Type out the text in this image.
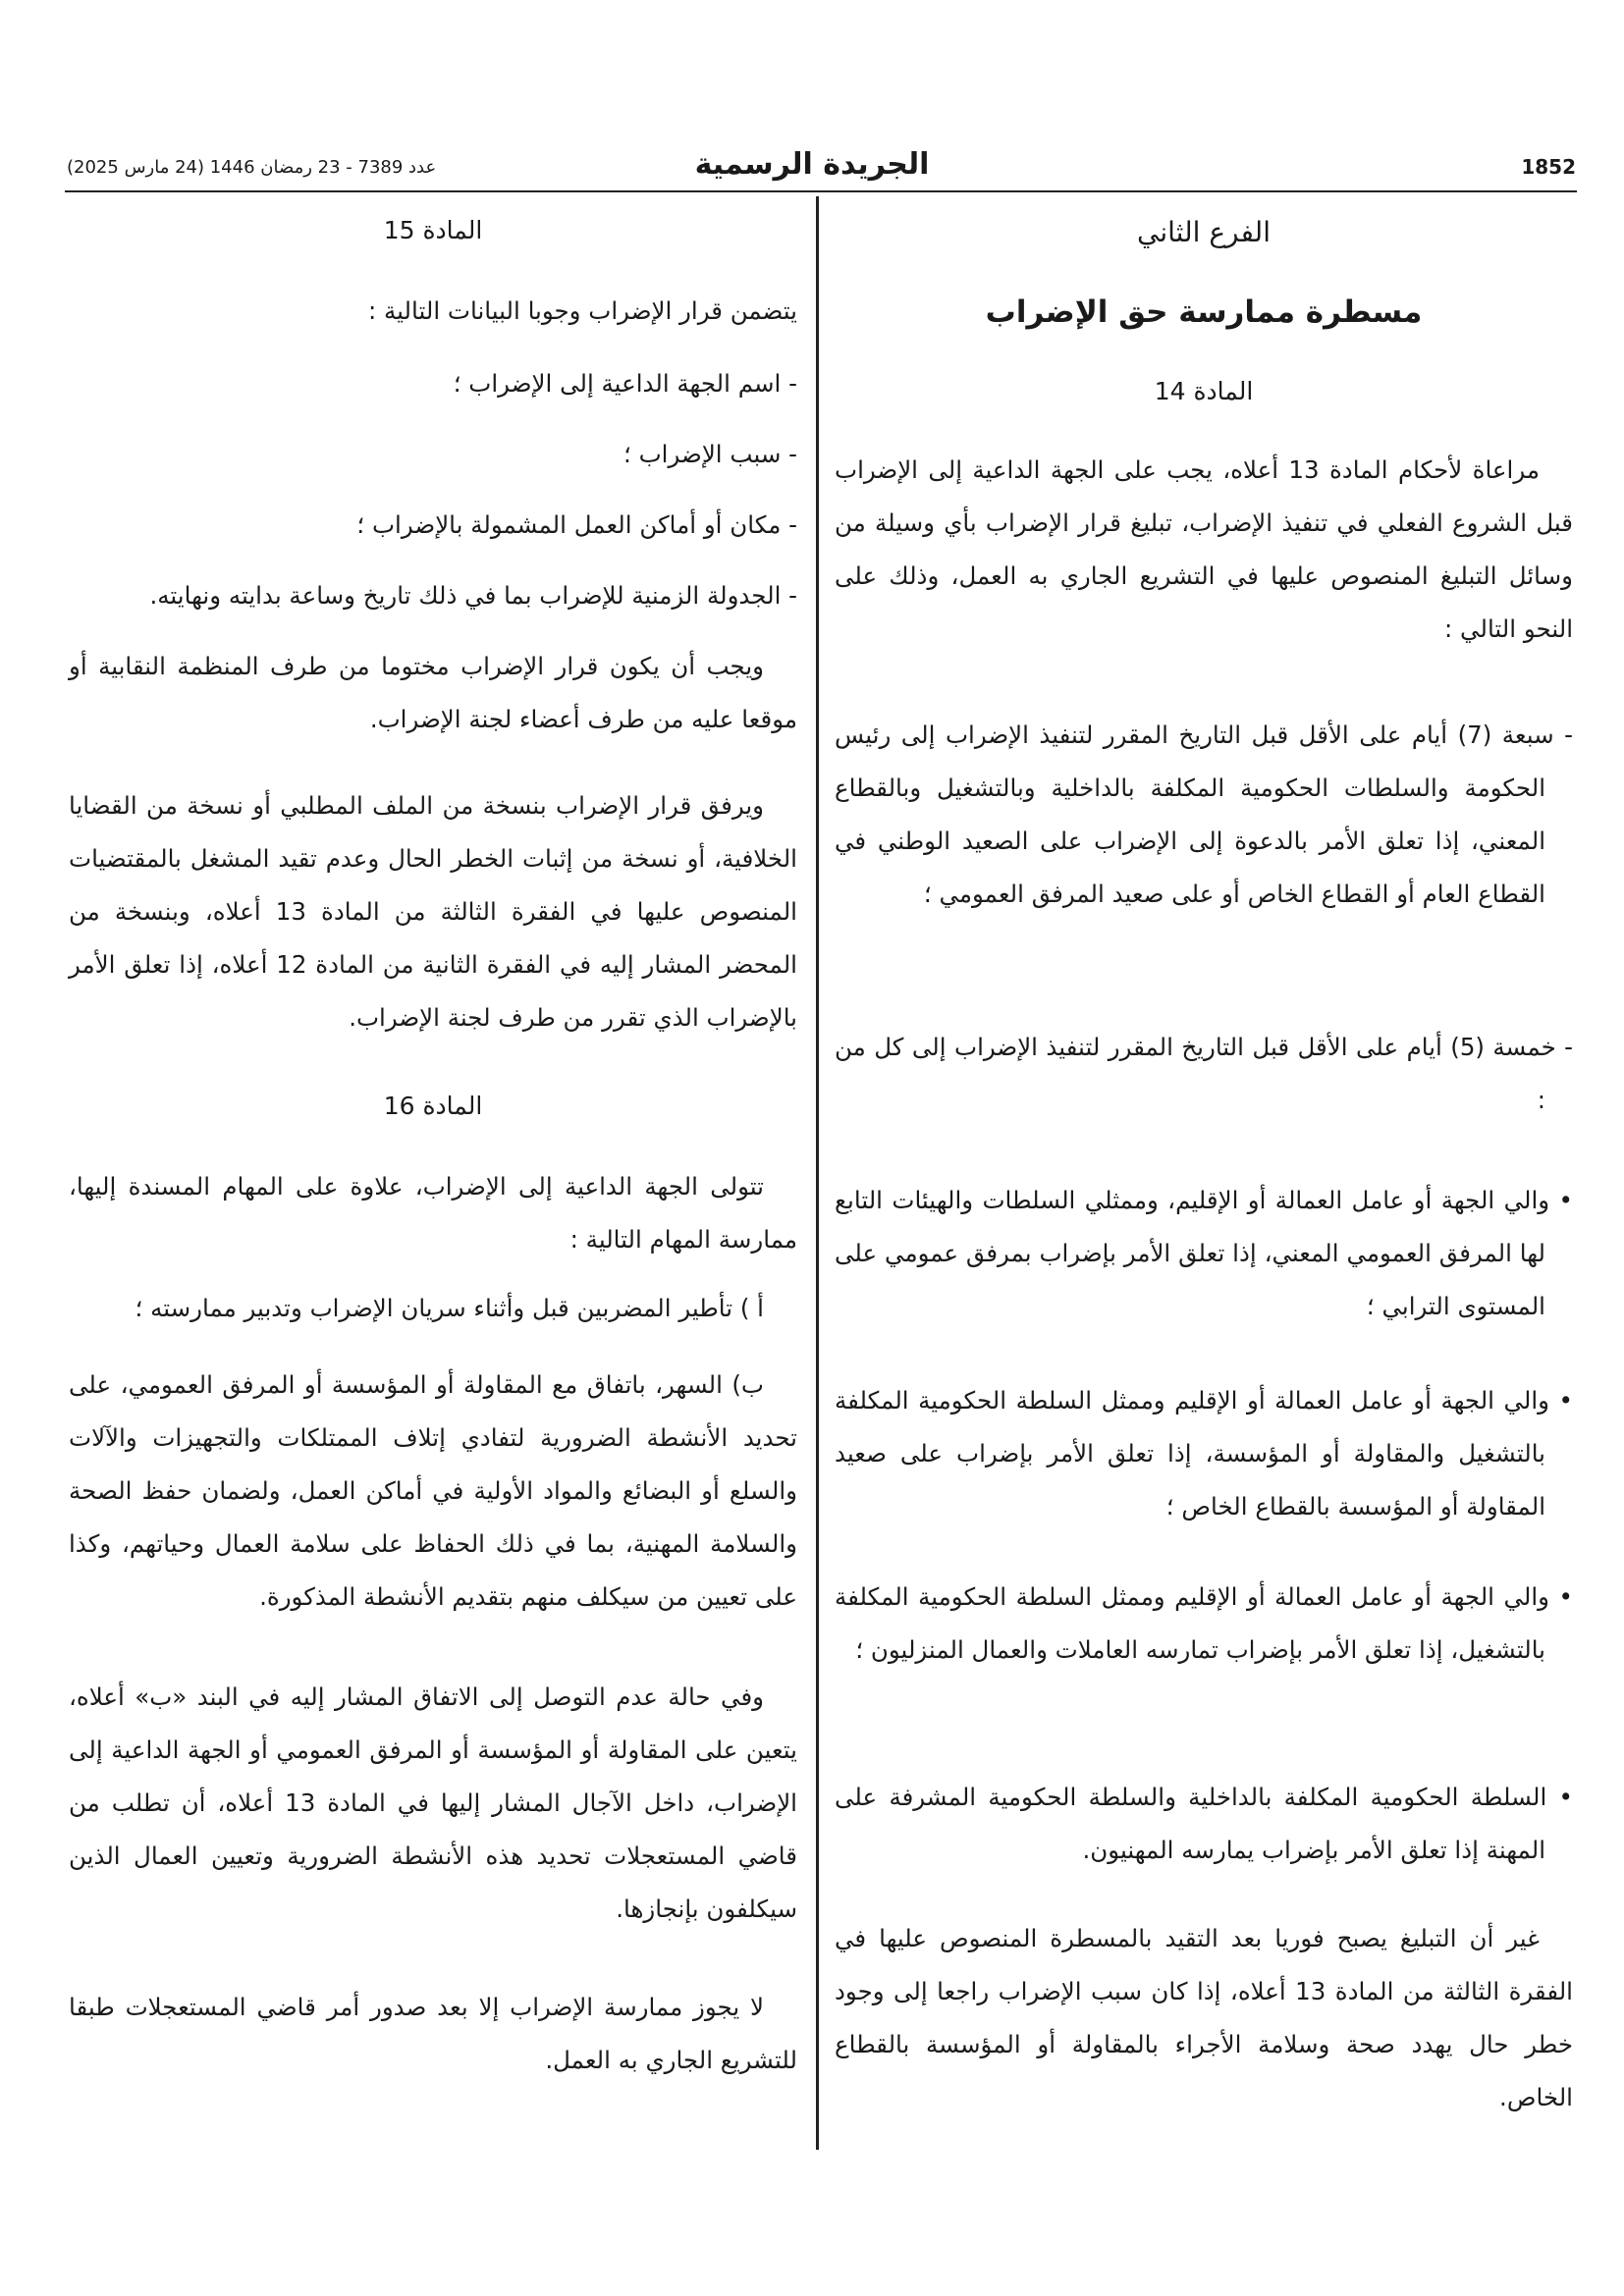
1852
الجريدة الرسمية
عدد 7389 - 23 رمضان 1446 (24 مارس 2025)
الفرع الثاني
مسطرة ممارسة حق الإضراب
المادة 14

مراعاة لأحكام المادة 13 أعلاه، يجب على الجهة الداعية إلى الإضراب قبل الشروع الفعلي في تنفيذ الإضراب، تبليغ قرار الإضراب بأي وسيلة من وسائل التبليغ المنصوص عليها في التشريع الجاري به العمل، وذلك على النحو التالي :

- سبعة (7) أيام على الأقل قبل التاريخ المقرر لتنفيذ الإضراب إلى رئيس الحكومة والسلطات الحكومية المكلفة بالداخلية وبالتشغيل وبالقطاع المعني، إذا تعلق الأمر بالدعوة إلى الإضراب على الصعيد الوطني في القطاع العام أو القطاع الخاص أو على صعيد المرفق العمومي ؛

- خمسة (5) أيام على الأقل قبل التاريخ المقرر لتنفيذ الإضراب إلى كل من :

• والي الجهة أو عامل العمالة أو الإقليم، وممثلي السلطات والهيئات التابع لها المرفق العمومي المعني، إذا تعلق الأمر بإضراب بمرفق عمومي على المستوى الترابي ؛

• والي الجهة أو عامل العمالة أو الإقليم وممثل السلطة الحكومية المكلفة بالتشغيل والمقاولة أو المؤسسة، إذا تعلق الأمر بإضراب على صعيد المقاولة أو المؤسسة بالقطاع الخاص ؛

• والي الجهة أو عامل العمالة أو الإقليم وممثل السلطة الحكومية المكلفة بالتشغيل، إذا تعلق الأمر بإضراب تمارسه العاملات والعمال المنزليون ؛

• السلطة الحكومية المكلفة بالداخلية والسلطة الحكومية المشرفة على المهنة إذا تعلق الأمر بإضراب يمارسه المهنيون.

غير أن التبليغ يصبح فوريا بعد التقيد بالمسطرة المنصوص عليها في الفقرة الثالثة من المادة 13 أعلاه، إذا كان سبب الإضراب راجعا إلى وجود خطر حال يهدد صحة وسلامة الأجراء بالمقاولة أو المؤسسة بالقطاع الخاص.

المادة 15

يتضمن قرار الإضراب وجوبا البيانات التالية :

- اسم الجهة الداعية إلى الإضراب ؛

- سبب الإضراب ؛

- مكان أو أماكن العمل المشمولة بالإضراب ؛

- الجدولة الزمنية للإضراب بما في ذلك تاريخ وساعة بدايته ونهايته.

ويجب أن يكون قرار الإضراب مختوما من طرف المنظمة النقابية أو موقعا عليه من طرف أعضاء لجنة الإضراب.

ويرفق قرار الإضراب بنسخة من الملف المطلبي أو نسخة من القضايا الخلافية، أو نسخة من إثبات الخطر الحال وعدم تقيد المشغل بالمقتضيات المنصوص عليها في الفقرة الثالثة من المادة 13 أعلاه، وبنسخة من المحضر المشار إليه في الفقرة الثانية من المادة 12 أعلاه، إذا تعلق الأمر بالإضراب الذي تقرر من طرف لجنة الإضراب.

المادة 16

تتولى الجهة الداعية إلى الإضراب، علاوة على المهام المسندة إليها، ممارسة المهام التالية :

أ ) تأطير المضربين قبل وأثناء سريان الإضراب وتدبير ممارسته ؛

ب) السهر، باتفاق مع المقاولة أو المؤسسة أو المرفق العمومي، على تحديد الأنشطة الضرورية لتفادي إتلاف الممتلكات والتجهيزات والآلات والسلع أو البضائع والمواد الأولية في أماكن العمل، ولضمان حفظ الصحة والسلامة المهنية، بما في ذلك الحفاظ على سلامة العمال وحياتهم، وكذا على تعيين من سيكلف منهم بتقديم الأنشطة المذكورة.

وفي حالة عدم التوصل إلى الاتفاق المشار إليه في البند «ب» أعلاه، يتعين على المقاولة أو المؤسسة أو المرفق العمومي أو الجهة الداعية إلى الإضراب، داخل الآجال المشار إليها في المادة 13 أعلاه، أن تطلب من قاضي المستعجلات تحديد هذه الأنشطة الضرورية وتعيين العمال الذين سيكلفون بإنجازها.

لا يجوز ممارسة الإضراب إلا بعد صدور أمر قاضي المستعجلات طبقا للتشريع الجاري به العمل.
